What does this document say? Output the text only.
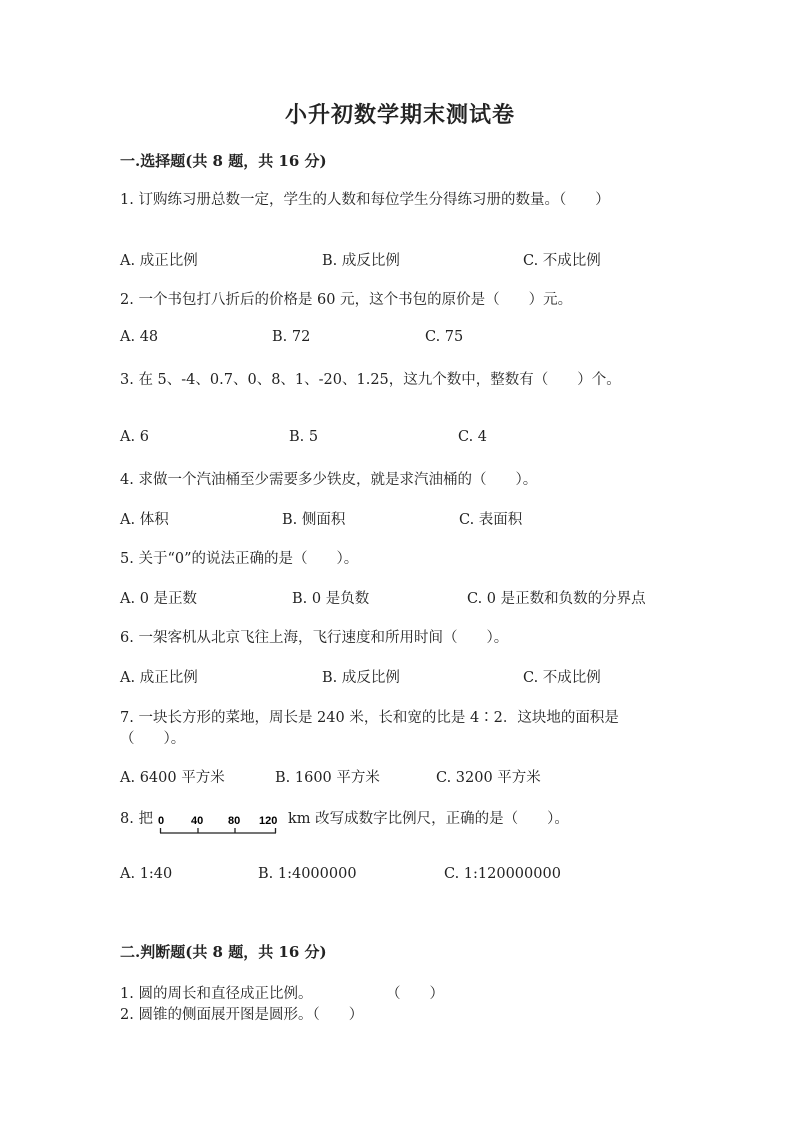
小升初数学期末测试卷
一.选择题(共 8 题，共 16 分)
1. 订购练习册总数一定，学生的人数和每位学生分得练习册的数量。（　　）
A. 成正比例	B. 成反比例	C. 不成比例
2. 一个书包打八折后的价格是 60 元，这个书包的原价是（　　）元。
A. 48	B. 72	C. 75
3. 在 5、-4、0.7、0、8、1、-20、1.25，这九个数中，整数有（　　）个。
A. 6	B. 5	C. 4
4. 求做一个汽油桶至少需要多少铁皮，就是求汽油桶的（　　）。
A. 体积	B. 侧面积	C. 表面积
5. 关于“0”的说法正确的是（　　）。
A. 0 是正数	B. 0 是负数	C. 0 是正数和负数的分界点
6. 一架客机从北京飞往上海，飞行速度和所用时间（　　）。
A. 成正比例	B. 成反比例	C. 不成比例
7. 一块长方形的菜地，周长是 240 米，长和宽的比是 4∶2．这块地的面积是
（　　）。
A. 6400 平方米	B. 1600 平方米	C. 3200 平方米
8. 把 0 40 80 120 km 改写成数字比例尺，正确的是（　　）。
A. 1:40	B. 1:4000000	C. 1:120000000
二.判断题(共 8 题，共 16 分)
1. 圆的周长和直径成正比例。	（　　）
2. 圆锥的侧面展开图是圆形。（　　）
